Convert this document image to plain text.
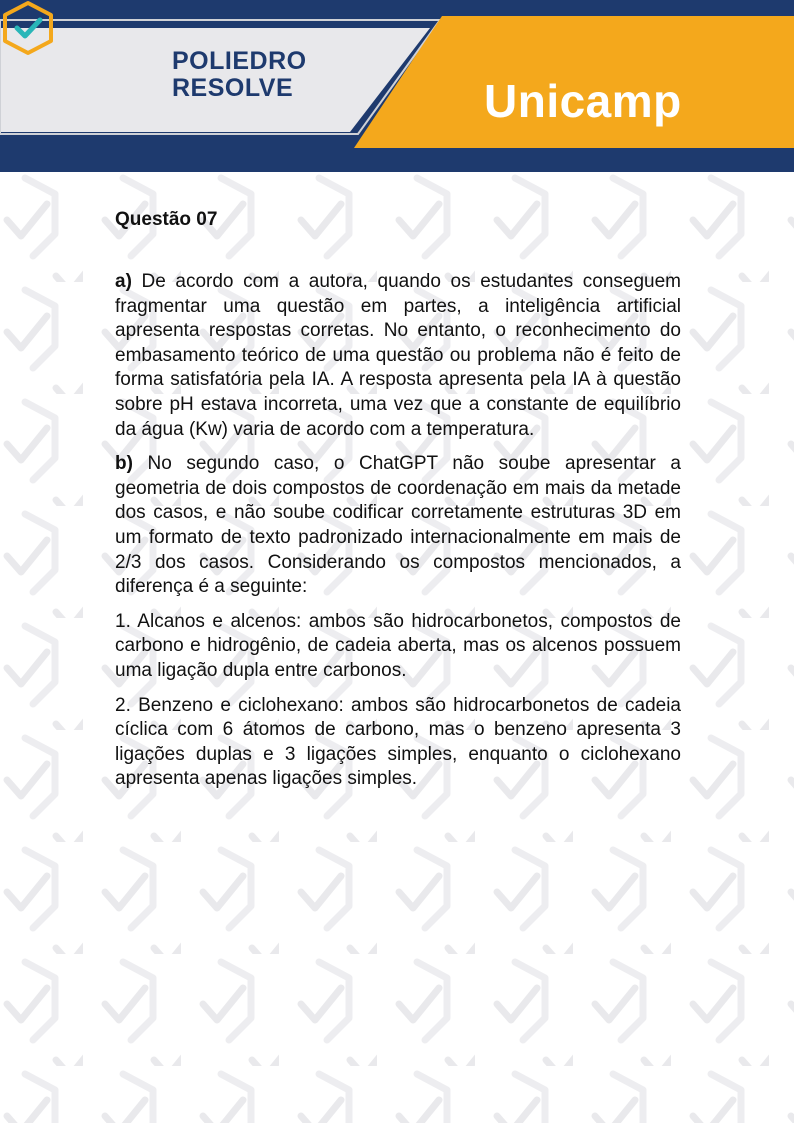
POLIEDRO
RESOLVE	Unicamp
Questão 07

a) De acordo com a autora, quando os estudantes conseguem fragmentar uma questão em partes, a inteligência artificial apresenta respostas corretas. No entanto, o reconhecimento do embasamento teórico de uma questão ou problema não é feito de forma satisfatória pela IA. A resposta apresenta pela IA à questão sobre pH estava incorreta, uma vez que a constante de equilíbrio da água (Kw) varia de acordo com a temperatura.

b) No segundo caso, o ChatGPT não soube apresentar a geometria de dois compostos de coordenação em mais da metade dos casos, e não soube codificar corretamente estruturas 3D em um formato de texto padronizado internacionalmente em mais de 2/3 dos casos. Considerando os compostos mencionados, a diferença é a seguinte:

1. Alcanos e alcenos: ambos são hidrocarbonetos, compostos de carbono e hidrogênio, de cadeia aberta, mas os alcenos possuem uma ligação dupla entre carbonos.

2. Benzeno e ciclohexano: ambos são hidrocarbonetos de cadeia cíclica com 6 átomos de carbono, mas o benzeno apresenta 3 ligações duplas e 3 ligações simples, enquanto o ciclohexano apresenta apenas ligações simples.
